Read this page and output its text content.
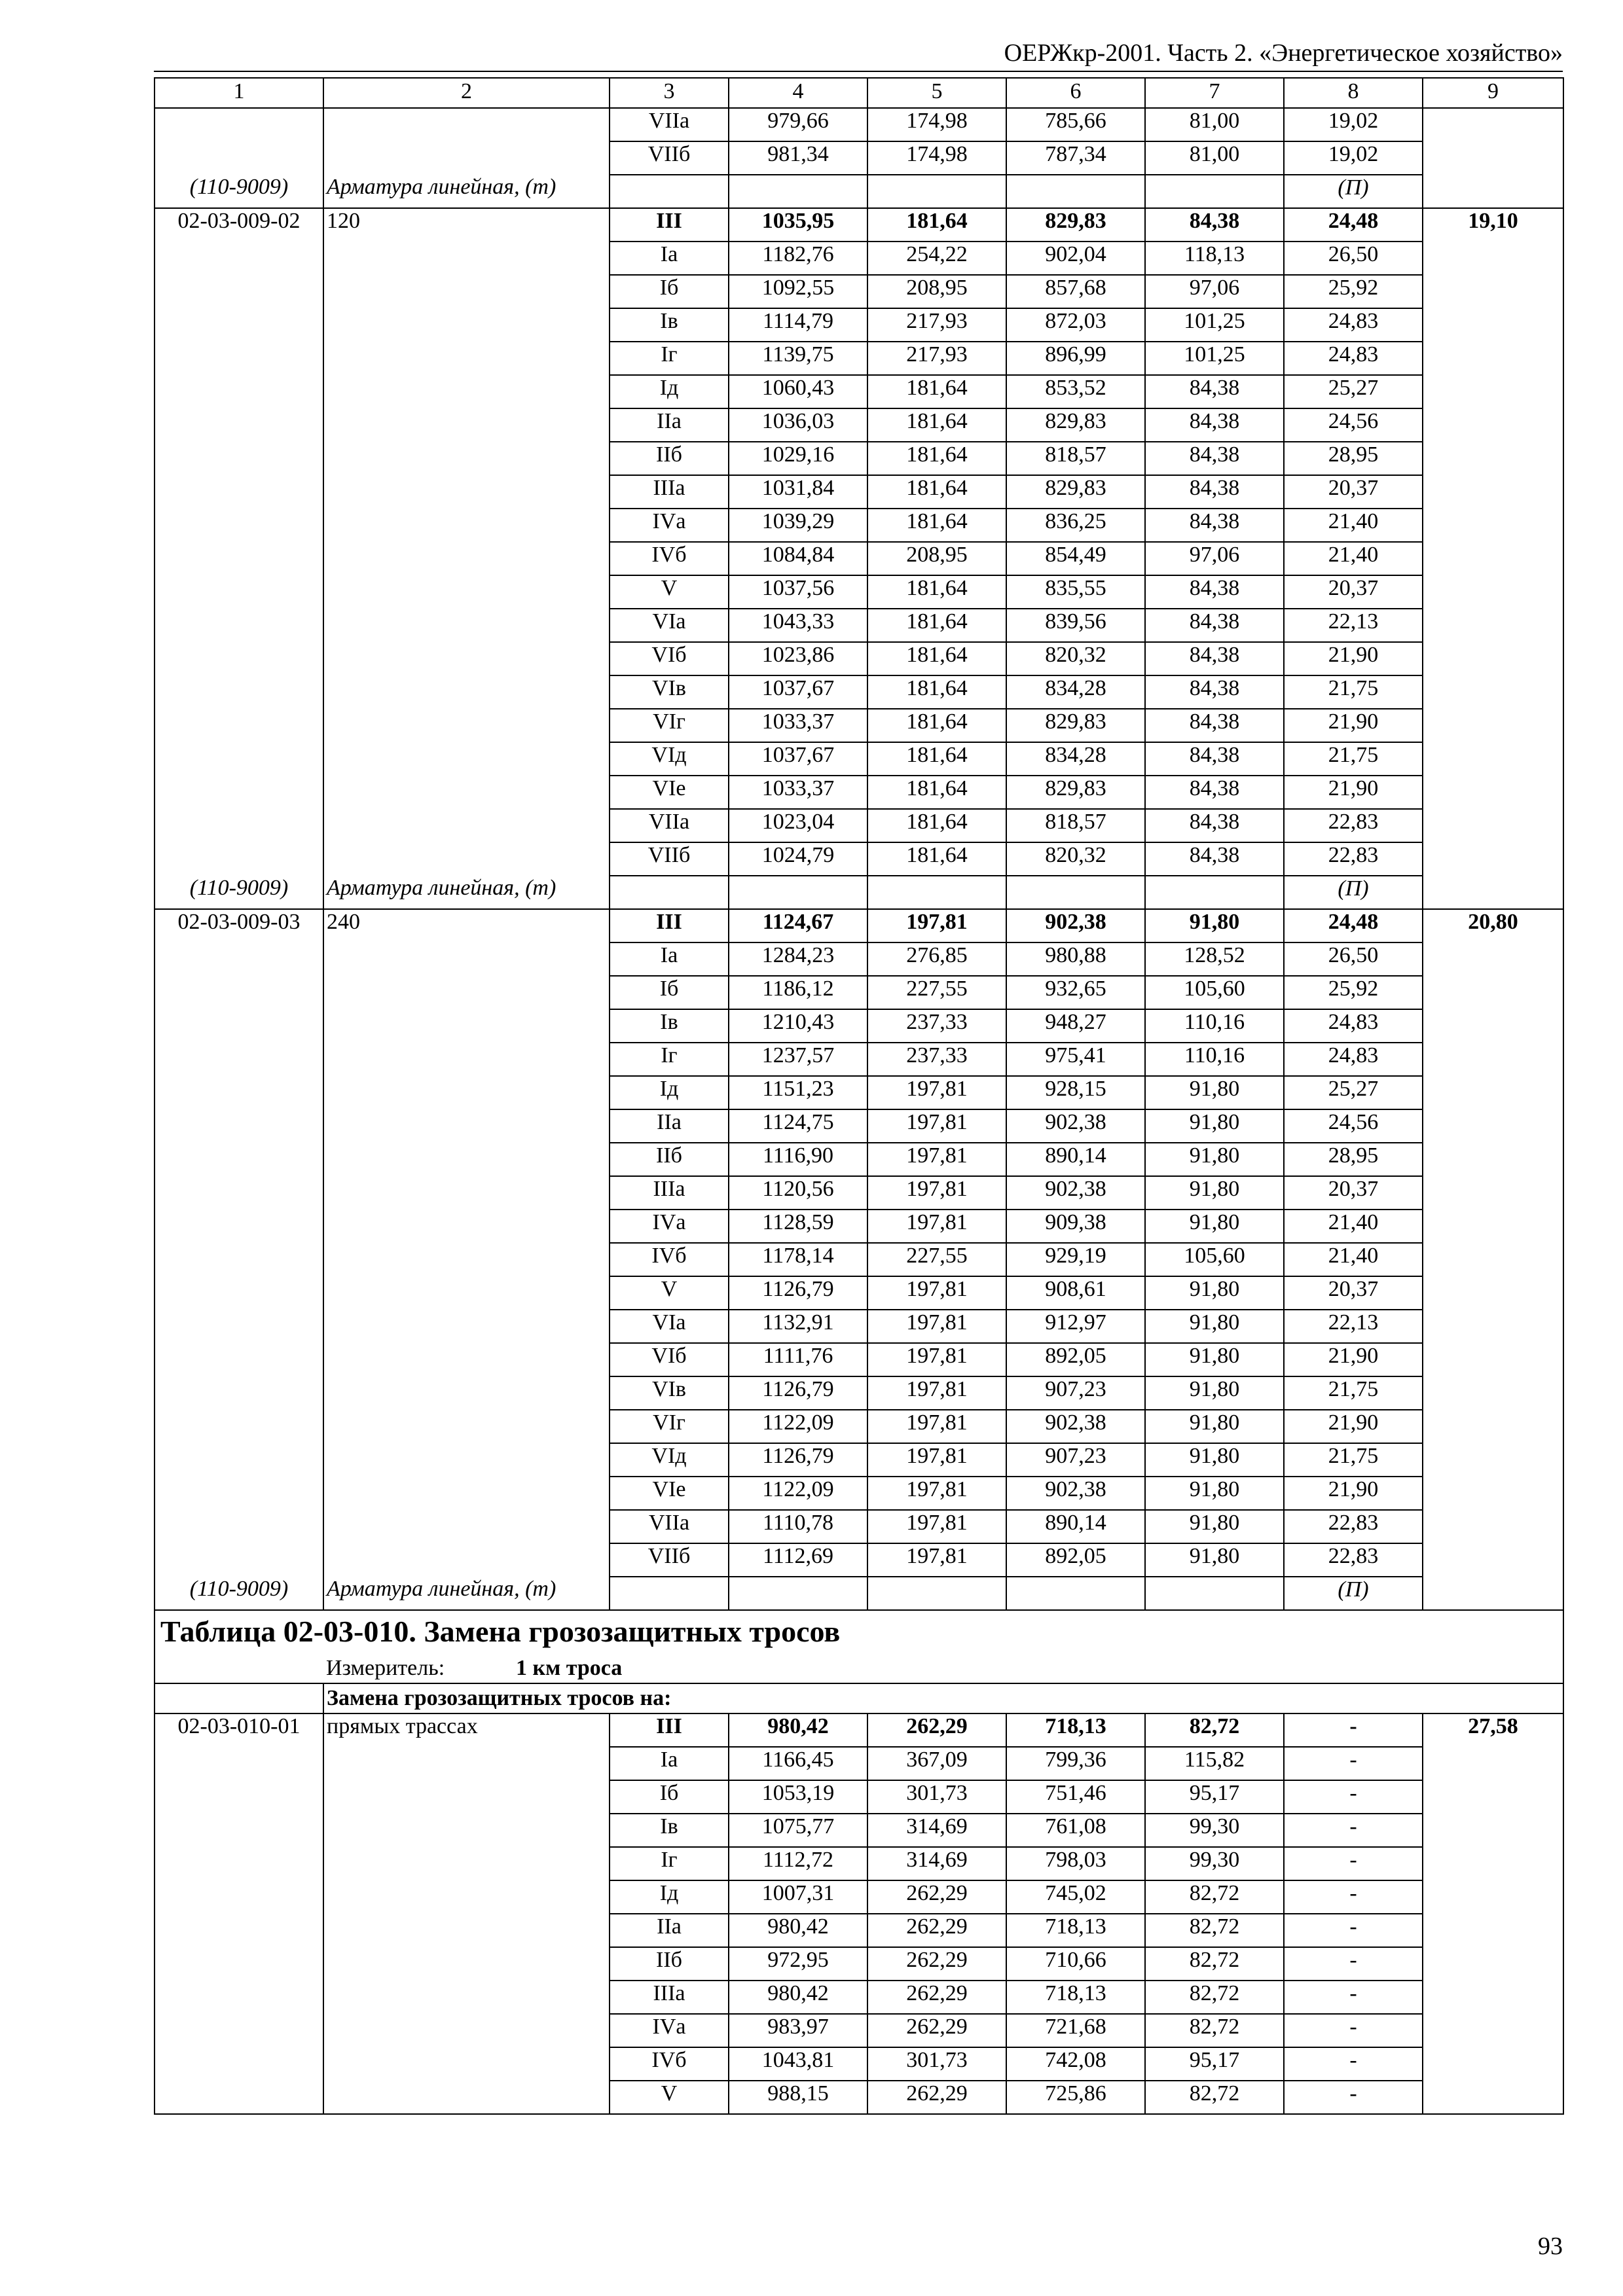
ОЕРЖкр-2001. Часть 2. «Энергетическое хозяйство»
1	2	3	4	5	6	7	8	9
		VIIа	979,66	174,98	785,66	81,00	19,02	
		VIIб	981,34	174,98	787,34	81,00	19,02	
(110-9009)	Арматура линейная, (т)						(П)	
02-03-009-02	120	III	1035,95	181,64	829,83	84,38	24,48	19,10
		Iа	1182,76	254,22	902,04	118,13	26,50	
		Iб	1092,55	208,95	857,68	97,06	25,92	
		Iв	1114,79	217,93	872,03	101,25	24,83	
		Iг	1139,75	217,93	896,99	101,25	24,83	
		Iд	1060,43	181,64	853,52	84,38	25,27	
		IIа	1036,03	181,64	829,83	84,38	24,56	
		IIб	1029,16	181,64	818,57	84,38	28,95	
		IIIа	1031,84	181,64	829,83	84,38	20,37	
		IVа	1039,29	181,64	836,25	84,38	21,40	
		IVб	1084,84	208,95	854,49	97,06	21,40	
		V	1037,56	181,64	835,55	84,38	20,37	
		VIа	1043,33	181,64	839,56	84,38	22,13	
		VIб	1023,86	181,64	820,32	84,38	21,90	
		VIв	1037,67	181,64	834,28	84,38	21,75	
		VIг	1033,37	181,64	829,83	84,38	21,90	
		VIд	1037,67	181,64	834,28	84,38	21,75	
		VIе	1033,37	181,64	829,83	84,38	21,90	
		VIIа	1023,04	181,64	818,57	84,38	22,83	
		VIIб	1024,79	181,64	820,32	84,38	22,83	
(110-9009)	Арматура линейная, (т)						(П)	
02-03-009-03	240	III	1124,67	197,81	902,38	91,80	24,48	20,80
		Iа	1284,23	276,85	980,88	128,52	26,50	
		Iб	1186,12	227,55	932,65	105,60	25,92	
		Iв	1210,43	237,33	948,27	110,16	24,83	
		Iг	1237,57	237,33	975,41	110,16	24,83	
		Iд	1151,23	197,81	928,15	91,80	25,27	
		IIа	1124,75	197,81	902,38	91,80	24,56	
		IIб	1116,90	197,81	890,14	91,80	28,95	
		IIIа	1120,56	197,81	902,38	91,80	20,37	
		IVа	1128,59	197,81	909,38	91,80	21,40	
		IVб	1178,14	227,55	929,19	105,60	21,40	
		V	1126,79	197,81	908,61	91,80	20,37	
		VIа	1132,91	197,81	912,97	91,80	22,13	
		VIб	1111,76	197,81	892,05	91,80	21,90	
		VIв	1126,79	197,81	907,23	91,80	21,75	
		VIг	1122,09	197,81	902,38	91,80	21,90	
		VIд	1126,79	197,81	907,23	91,80	21,75	
		VIе	1122,09	197,81	902,38	91,80	21,90	
		VIIа	1110,78	197,81	890,14	91,80	22,83	
		VIIб	1112,69	197,81	892,05	91,80	22,83	
(110-9009)	Арматура линейная, (т)						(П)	
Таблица 02-03-010. Замена грозозащитных тросов								
	Измеритель: 1 км троса							
	Замена грозозащитных тросов на:							
02-03-010-01	прямых трассах	III	980,42	262,29	718,13	82,72	-	27,58
		Iа	1166,45	367,09	799,36	115,82	-	
		Iб	1053,19	301,73	751,46	95,17	-	
		Iв	1075,77	314,69	761,08	99,30	-	
		Iг	1112,72	314,69	798,03	99,30	-	
		Iд	1007,31	262,29	745,02	82,72	-	
		IIа	980,42	262,29	718,13	82,72	-	
		IIб	972,95	262,29	710,66	82,72	-	
		IIIа	980,42	262,29	718,13	82,72	-	
		IVа	983,97	262,29	721,68	82,72	-	
		IVб	1043,81	301,73	742,08	95,17	-	
		V	988,15	262,29	725,86	82,72	-	
93
